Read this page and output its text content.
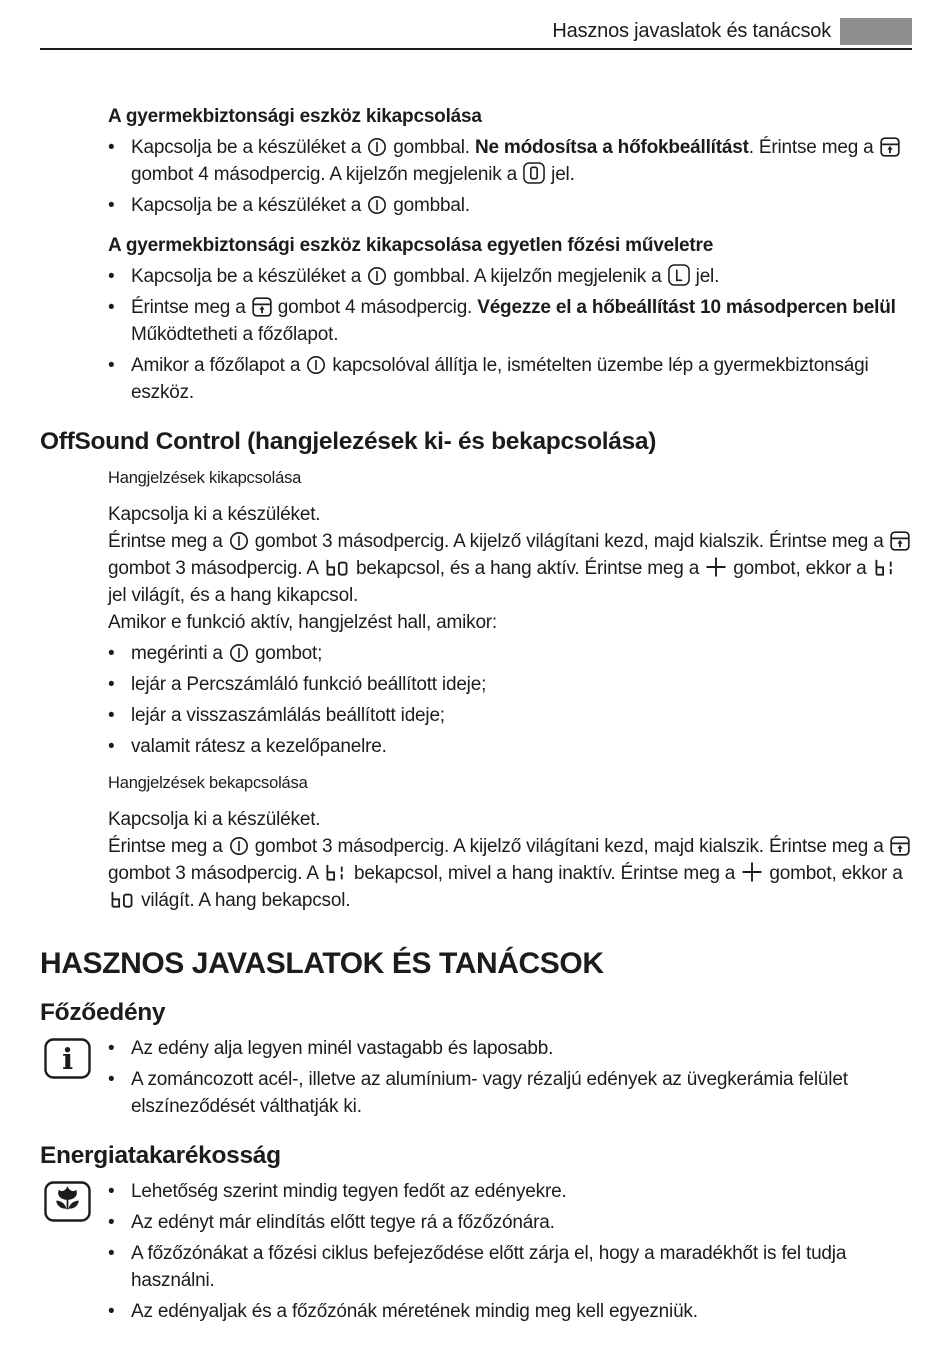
Hasznos javaslatok és tanácsok
A gyermekbiztonsági eszköz kikapcsolása
• Kapcsolja be a készüléket a  gombbal. Ne módosítsa a hőfokbeállítást. Érintse meg a  gombot 4 másodpercig. A kijelzőn megjelenik a  jel.
• Kapcsolja be a készüléket a  gombbal.
A gyermekbiztonsági eszköz kikapcsolása egyetlen főzési műveletre
• Kapcsolja be a készüléket a  gombbal. A kijelzőn megjelenik a  jel.
• Érintse meg a  gombot 4 másodpercig. Végezze el a hőbeállítást 10 másodpercen belül Működtetheti a főzőlapot.
• Amikor a főzőlapot a  kapcsolóval állítja le, ismételten üzembe lép a gyermekbiztonsági eszköz.
OffSound Control (hangjelezések ki- és bekapcsolása)
Hangjelzések kikapcsolása
Kapcsolja ki a készüléket.
Érintse meg a  gombot 3 másodpercig. A kijelző világítani kezd, majd kialszik. Érintse meg a  gombot 3 másodpercig. A  bekapcsol, és a hang aktív. Érintse meg a  gombot, ekkor a  jel világít, és a hang kikapcsol.
Amikor e funkció aktív, hangjelzést hall, amikor:
• megérinti a  gombot;
• lejár a Percszámláló funkció beállított ideje;
• lejár a visszaszámlálás beállított ideje;
• valamit rátesz a kezelőpanelre.
Hangjelzések bekapcsolása
Kapcsolja ki a készüléket.
Érintse meg a  gombot 3 másodpercig. A kijelző világítani kezd, majd kialszik. Érintse meg a  gombot 3 másodpercig. A  bekapcsol, mivel a hang inaktív. Érintse meg a  gombot, ekkor a  világít. A hang bekapcsol.
HASZNOS JAVASLATOK ÉS TANÁCSOK
Főzőedény
i • Az edény alja legyen minél vastagabb és laposabb.
• A zománcozott acél-, illetve az alumínium- vagy rézaljú edények az üvegkerámia felület elszíneződését válthatják ki.
Energiatakarékosság
• Lehetőség szerint mindig tegyen fedőt az edényekre.
• Az edényt már elindítás előtt tegye rá a főzőzónára.
• A főzőzónákat a főzési ciklus befejeződése előtt zárja el, hogy a maradékhőt is fel tudja használni.
• Az edényaljak és a főzőzónák méretének mindig meg kell egyezniük.
